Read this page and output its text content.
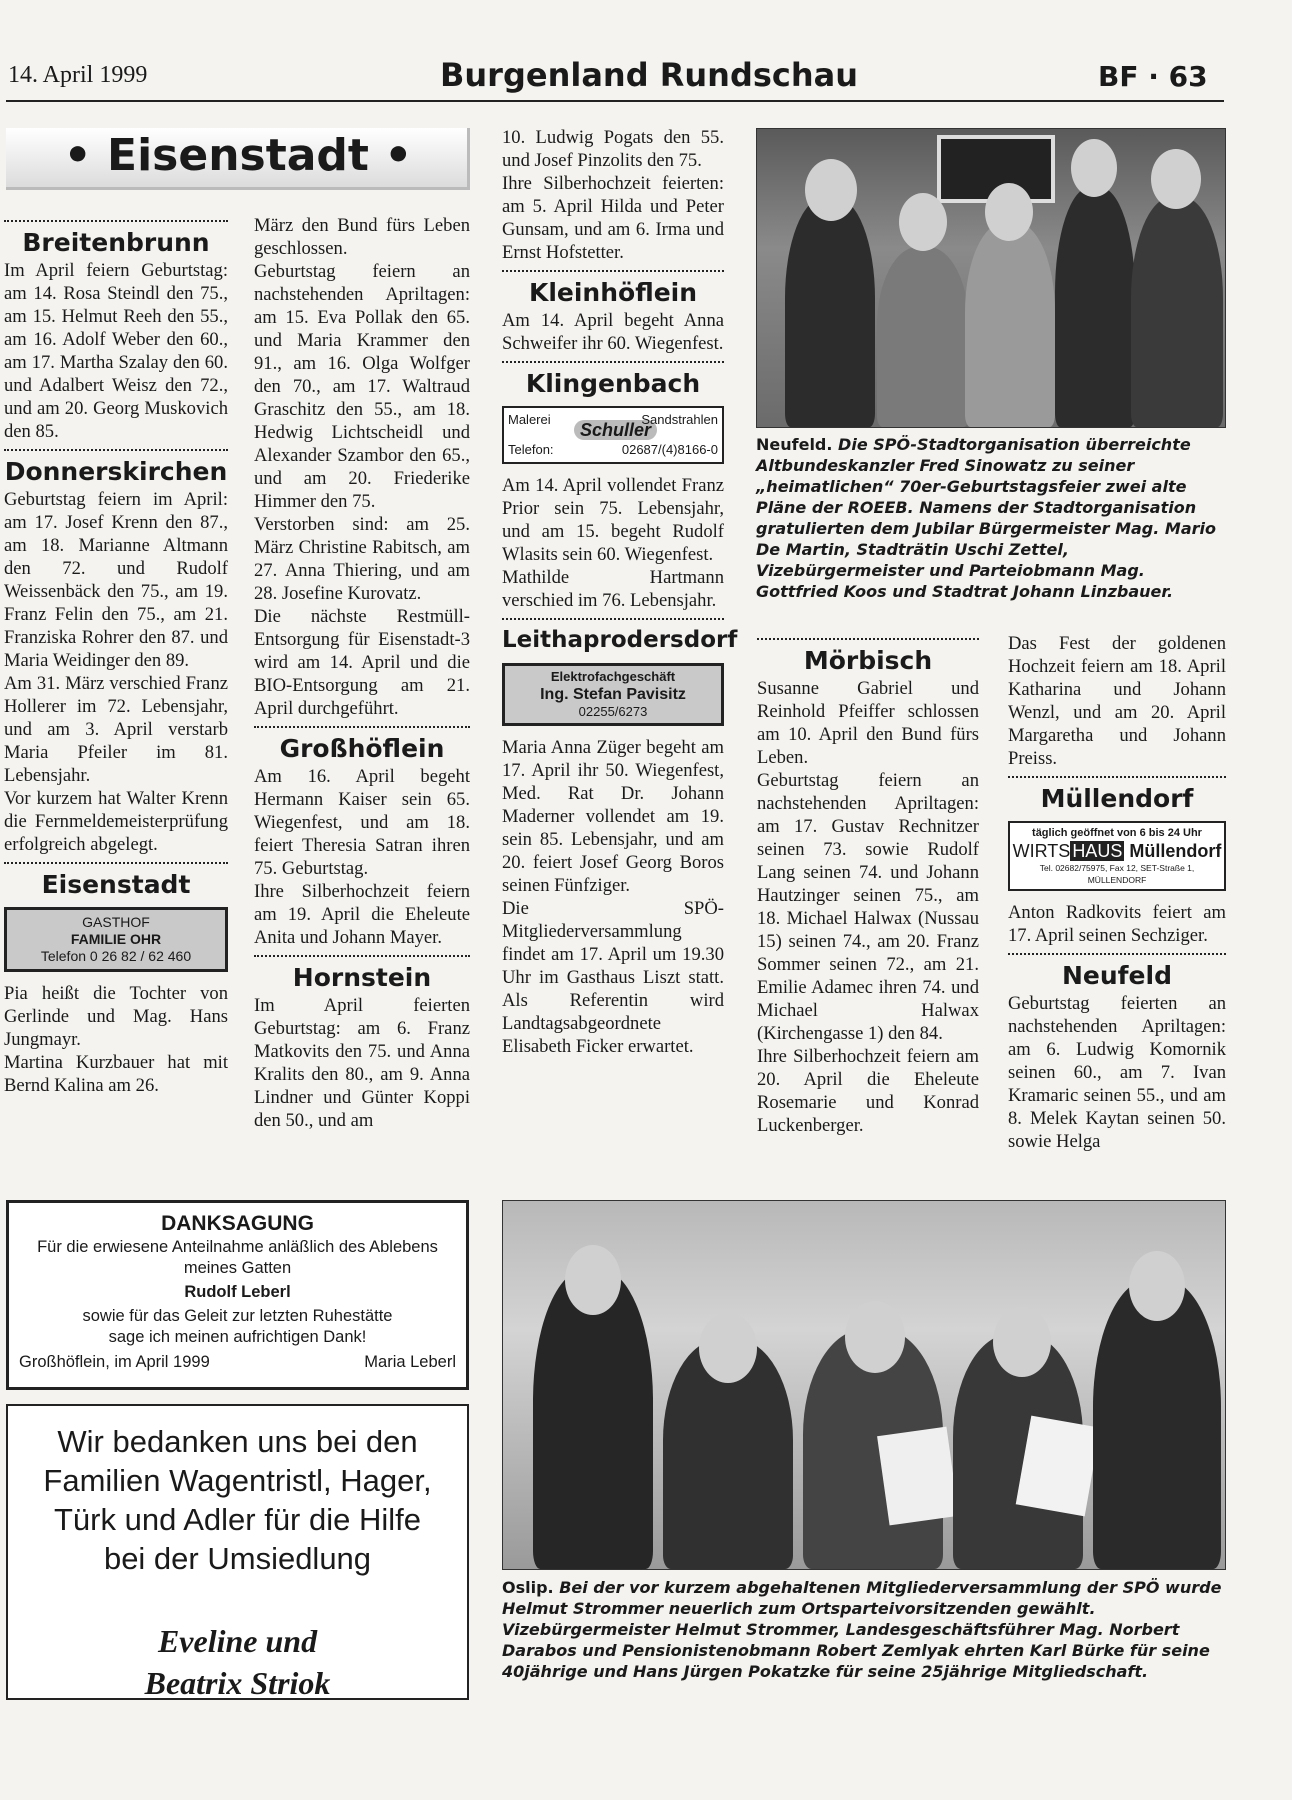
14. April 1999	Burgenland Rundschau	BF · 63
• Eisenstadt •
Breitenbrunn

Im April feiern Geburtstag: am 14. Rosa Steindl den 75., am 15. Helmut Reeh den 55., am 16. Adolf Weber den 60., am 17. Martha Szalay den 60. und Adalbert Weisz den 72., und am 20. Georg Muskovich den 85.

Donnerskirchen

Geburtstag feiern im April: am 17. Josef Krenn den 87., am 18. Marianne Altmann den 72. und Rudolf Weissenbäck den 75., am 19. Franz Felin den 75., am 21. Franziska Rohrer den 87. und Maria Weidinger den 89.

Am 31. März verschied Franz Hollerer im 72. Lebensjahr, und am 3. April verstarb Maria Pfeiler im 81. Lebensjahr.

Vor kurzem hat Walter Krenn die Fernmeldemeisterprüfung erfolgreich abgelegt.

Eisenstadt
GASTHOF
FAMILIE OHR
Telefon 0 26 82 / 62 460

Pia heißt die Tochter von Gerlinde und Mag. Hans Jungmayr.

Martina Kurzbauer hat mit Bernd Kalina am 26.

März den Bund fürs Leben geschlossen.

Geburtstag feiern an nachstehenden Apriltagen: am 15. Eva Pollak den 65. und Maria Krammer den 91., am 16. Olga Wolfger den 70., am 17. Waltraud Graschitz den 55., am 18. Hedwig Lichtscheidl und Alexander Szambor den 65., und am 20. Friederike Himmer den 75.

Verstorben sind: am 25. März Christine Rabitsch, am 27. Anna Thiering, und am 28. Josefine Kurovatz.

Die nächste Restmüll-Entsorgung für Eisenstadt-3 wird am 14. April und die BIO-Entsorgung am 21. April durchgeführt.

Großhöflein

Am 16. April begeht Hermann Kaiser sein 65. Wiegenfest, und am 18. feiert Theresia Satran ihren 75. Geburtstag.

Ihre Silberhochzeit feiern am 19. April die Eheleute Anita und Johann Mayer.

Hornstein

Im April feierten Geburtstag: am 6. Franz Matkovits den 75. und Anna Kralits den 80., am 9. Anna Lindner und Günter Koppi den 50., und am

10. Ludwig Pogats den 55. und Josef Pinzolits den 75.

Ihre Silberhochzeit feierten: am 5. April Hilda und Peter Gunsam, und am 6. Irma und Ernst Hofstetter.

Kleinhöflein

Am 14. April begeht Anna Schweifer ihr 60. Wiegenfest.

Klingenbach
Malerei
Schuller
Sandstrahlen
Telefon:	02687/(4)8166-0

Am 14. April vollendet Franz Prior sein 75. Lebensjahr, und am 15. begeht Rudolf Wlasits sein 60. Wiegenfest.

Mathilde Hartmann verschied im 76. Lebensjahr.

Leithaprodersdorf
Elektrofachgeschäft
Ing. Stefan Pavisitz
02255/6273

Maria Anna Züger begeht am 17. April ihr 50. Wiegenfest, Med. Rat Dr. Johann Maderner vollendet am 19. sein 85. Lebensjahr, und am 20. feiert Josef Georg Boros seinen Fünfziger.

Die SPÖ-Mitgliederversammlung findet am 17. April um 19.30 Uhr im Gasthaus Liszt statt. Als Referentin wird Landtagsabgeordnete Elisabeth Ficker erwartet.

Neufeld. Die SPÖ-Stadtorganisation überreichte Altbundeskanzler Fred Sinowatz zu seiner „heimatlichen“ 70er-Geburtstagsfeier zwei alte Pläne der ROEEB. Namens der Stadtorganisation gratulierten dem Jubilar Bürgermeister Mag. Mario De Martin, Stadträtin Uschi Zettel, Vizebürgermeister und Parteiobmann Mag. Gottfried Koos und Stadtrat Johann Linzbauer.
Mörbisch

Susanne Gabriel und Reinhold Pfeiffer schlossen am 10. April den Bund fürs Leben.

Geburtstag feiern an nachstehenden Apriltagen: am 17. Gustav Rechnitzer seinen 73. sowie Rudolf Lang seinen 74. und Johann Hautzinger seinen 75., am 18. Michael Halwax (Nussau 15) seinen 74., am 20. Franz Sommer seinen 72., am 21. Emilie Adamec ihren 74. und Michael Halwax (Kirchengasse 1) den 84.

Ihre Silberhochzeit feiern am 20. April die Eheleute Rosemarie und Konrad Luckenberger.

Das Fest der goldenen Hochzeit feiern am 18. April Katharina und Johann Wenzl, und am 20. April Margaretha und Johann Preiss.

Müllendorf
täglich geöffnet von 6 bis 24 Uhr
WIRTS HAUS Müllendorf
Tel. 02682/75975, Fax 12, SET-Straße 1, MÜLLENDORF

Anton Radkovits feiert am 17. April seinen Sechziger.

Neufeld

Geburtstag feierten an nachstehenden Apriltagen: am 6. Ludwig Komornik seinen 60., am 7. Ivan Kramaric seinen 55., und am 8. Melek Kaytan seinen 50. sowie Helga

DANKSAGUNG
Für die erwiesene Anteilnahme anläßlich des Ablebens
meines Gatten
Rudolf Leberl
sowie für das Geleit zur letzten Ruhestätte
sage ich meinen aufrichtigen Dank!
Großhöflein, im April 1999	Maria Leberl
Wir bedanken uns bei den
Familien Wagentristl, Hager,
Türk und Adler für die Hilfe
bei der Umsiedlung
Eveline und
Beatrix Striok
Oslip. Bei der vor kurzem abgehaltenen Mitgliederversammlung der SPÖ wurde Helmut Strommer neuerlich zum Ortsparteivorsitzenden gewählt. Vizebürgermeister Helmut Strommer, Landesgeschäftsführer Mag. Norbert Darabos und Pensionistenobmann Robert Zemlyak ehrten Karl Bürke für seine 40jährige und Hans Jürgen Pokatzke für seine 25jährige Mitgliedschaft.
